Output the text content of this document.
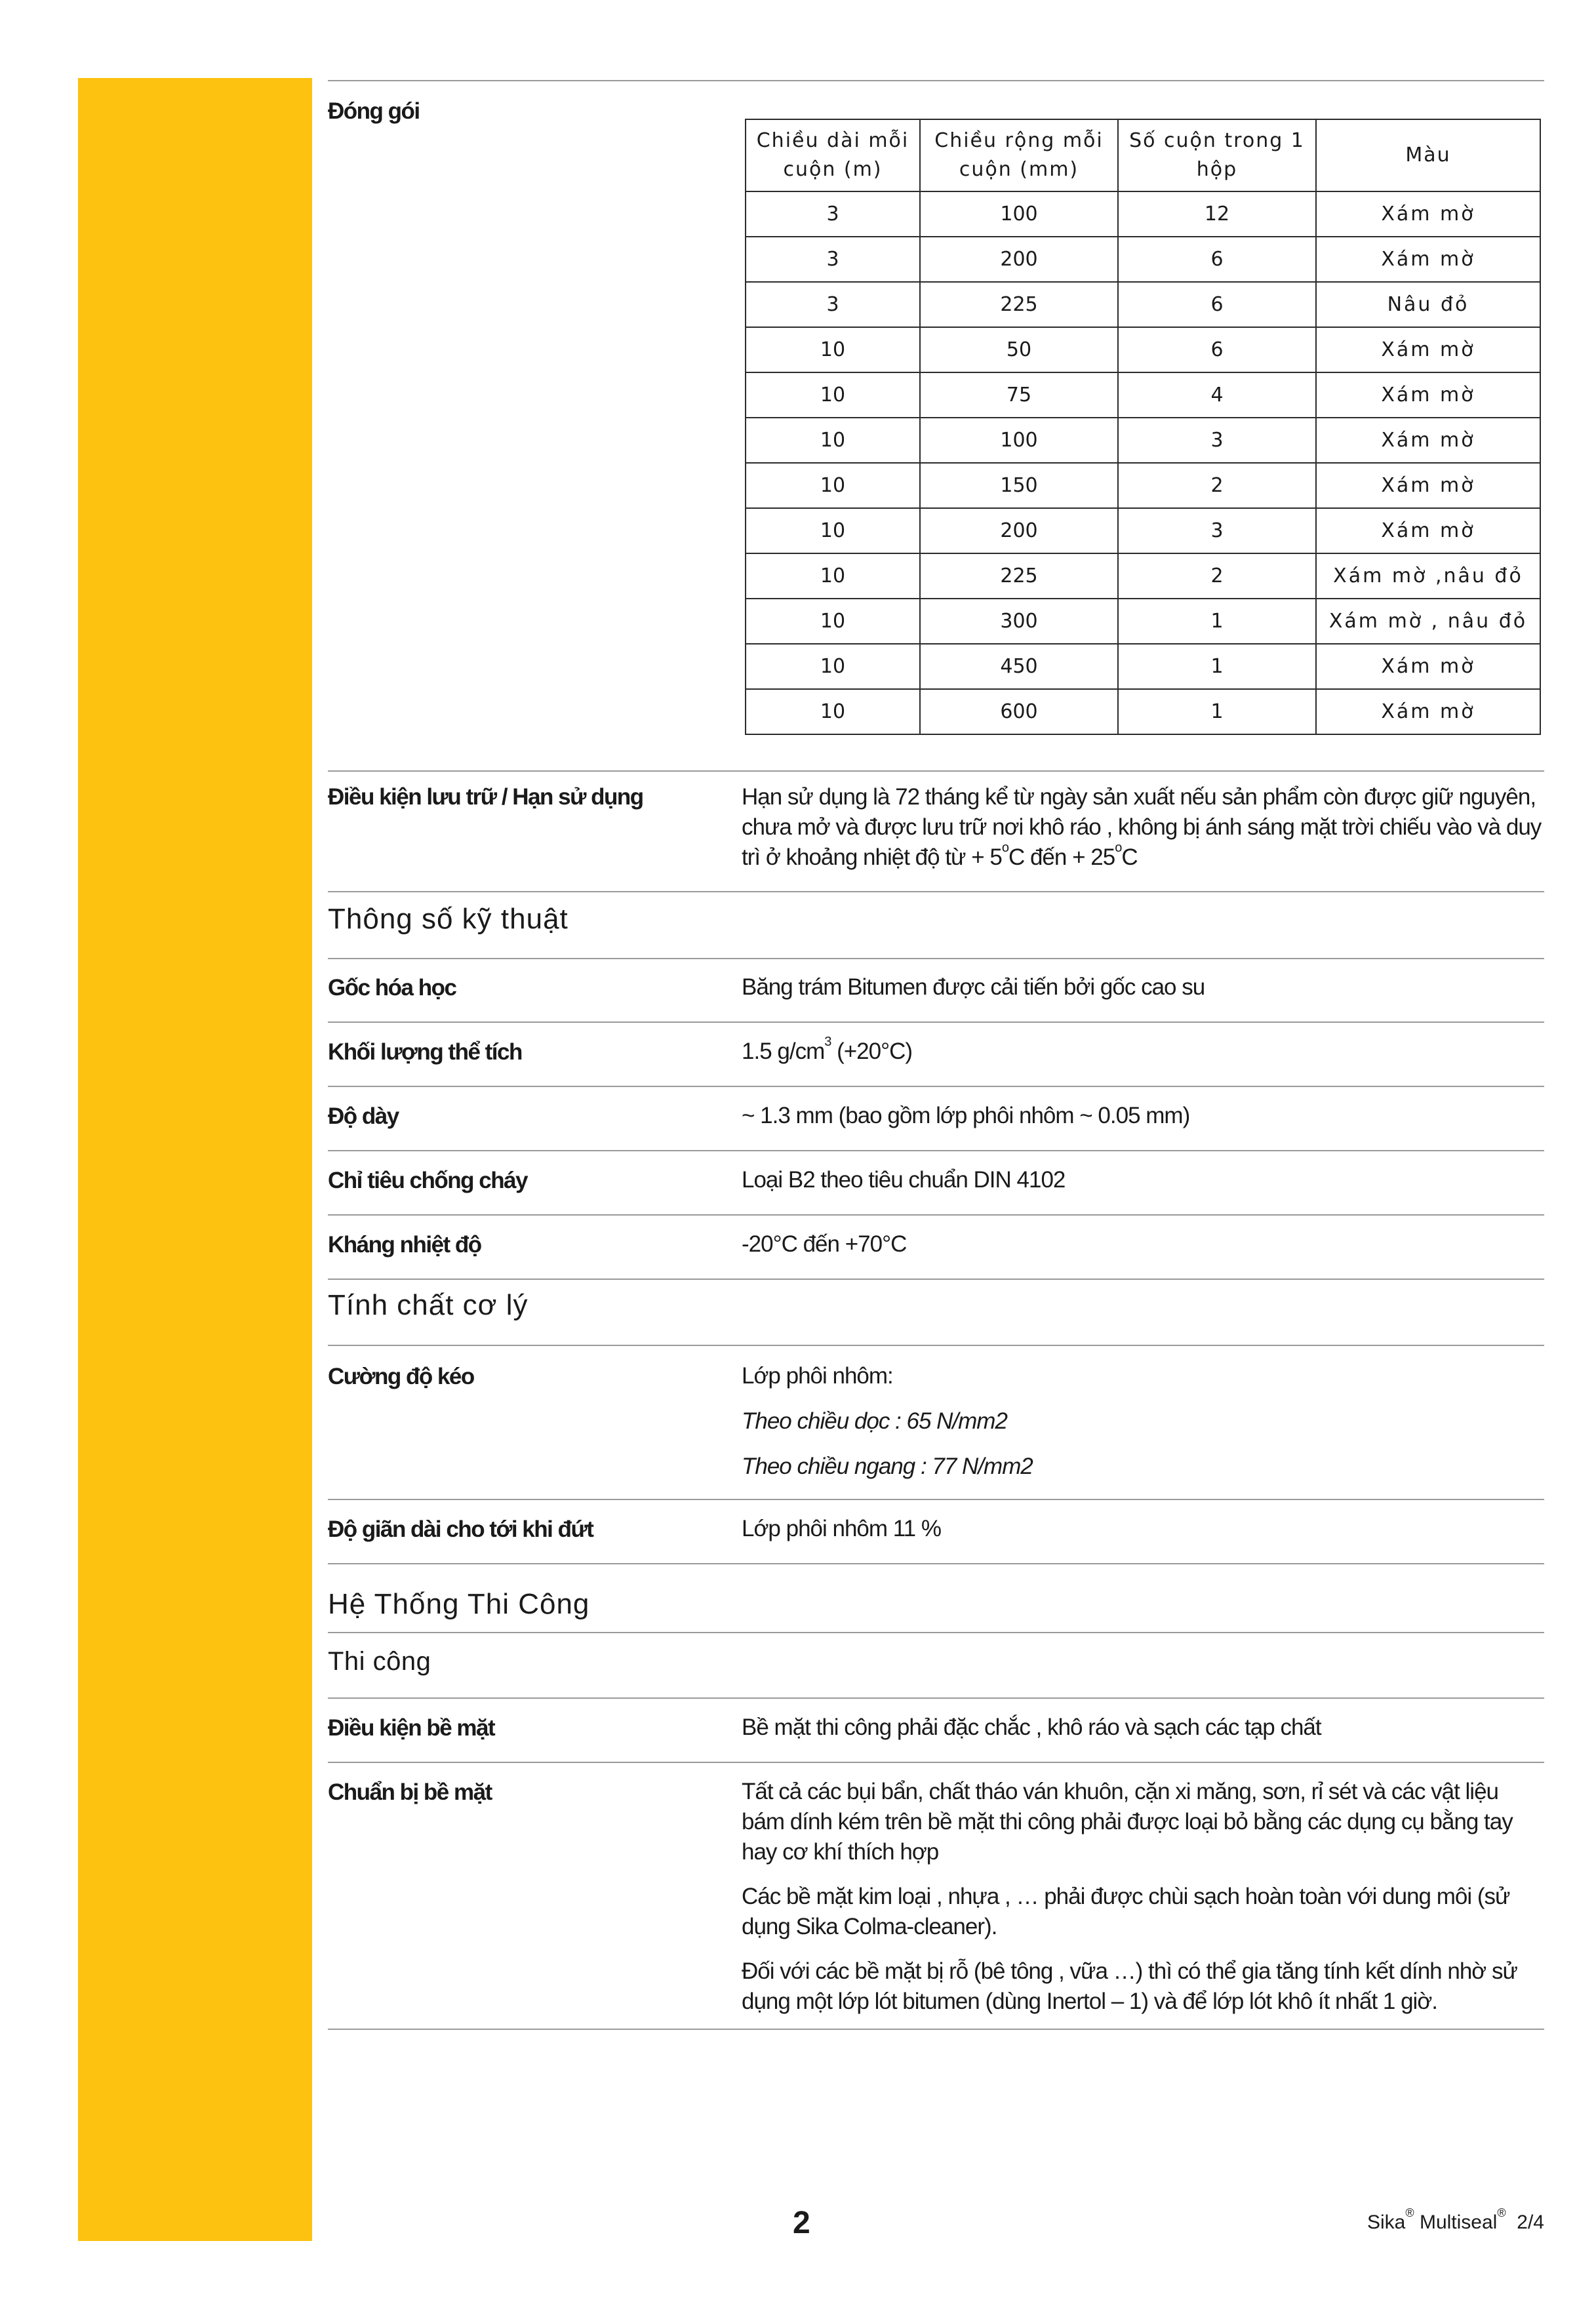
Đóng gói
Chiều dài mỗi cuộn (m)	Chiều rộng mỗi cuộn (mm)	Số cuộn trong 1 hộp	Màu
3	100	12	Xám mờ
3	200	6	Xám mờ
3	225	6	Nâu đỏ
10	50	6	Xám mờ
10	75	4	Xám mờ
10	100	3	Xám mờ
10	150	2	Xám mờ
10	200	3	Xám mờ
10	225	2	Xám mờ ,nâu đỏ
10	300	1	Xám mờ , nâu đỏ
10	450	1	Xám mờ
10	600	1	Xám mờ
Điều kiện lưu trữ / Hạn sử dụng	Hạn sử dụng là 72 tháng kể từ ngày sản xuất nếu sản phẩm còn được giữ nguyên, chưa mở và được lưu trữ nơi khô ráo , không bị ánh sáng mặt trời chiếu vào và duy trì ở khoảng nhiệt độ từ + $5^oC$ đến + $25^oC$
Thông số kỹ thuật
Gốc hóa học	Băng trám Bitumen được cải tiến bởi gốc cao su
Khối lượng thể tích	1.5 $g/cm^3$ (+20°C)
Độ dày	~ 1.3 mm (bao gồm lớp phôi nhôm ~ 0.05 mm)
Chỉ tiêu chống cháy	Loại B2 theo tiêu chuẩn DIN 4102
Kháng nhiệt độ	-20°C đến +70°C
Tính chất cơ lý
Cường độ kéo	Lớp phôi nhôm:

Theo chiều dọc : 65 N/mm2

Theo chiều ngang : 77 N/mm2

Độ giãn dài cho tới khi đứt	Lớp phôi nhôm 11 %
Hệ Thống Thi Công
Thi công
Điều kiện bề mặt	Bề mặt thi công phải đặc chắc , khô ráo và sạch các tạp chất
Chuẩn bị bề mặt	Tất cả các bụi bẩn, chất tháo ván khuôn, cặn xi măng, sơn, rỉ sét và các vật liệu bám dính kém trên bề mặt thi công phải được loại bỏ bằng các dụng cụ bằng tay hay cơ khí thích hợp

Các bề mặt kim loại , nhựa , … phải được chùi sạch hoàn toàn với dung môi (sử dụng Sika Colma-cleaner).

Đối với các bề mặt bị rỗ (bê tông , vữa …) thì có thể gia tăng tính kết dính nhờ sử dụng một lớp lót bitumen (dùng Inertol – 1) và để lớp lót khô ít nhất 1 giờ.

2	Sika® Multiseal® 2/4
